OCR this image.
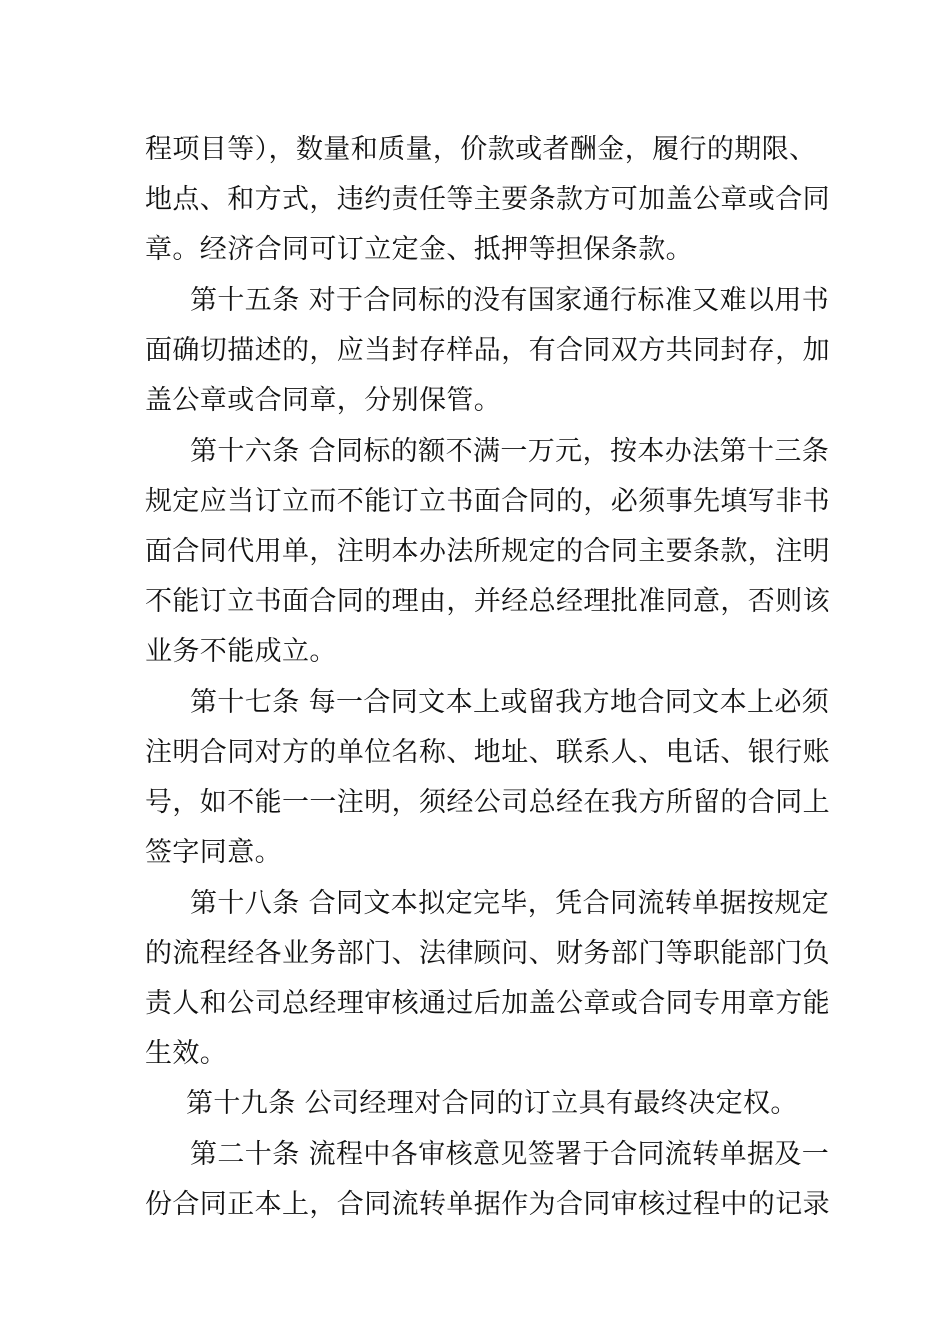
程项目等），数量和质量，价款或者酬金，履行的期限、
地点、和方式，违约责任等主要条款方可加盖公章或合同
章。经济合同可订立定金、抵押等担保条款。
第十五条 对于合同标的没有国家通行标准又难以用书
面确切描述的，应当封存样品，有合同双方共同封存，加
盖公章或合同章，分别保管。
第十六条 合同标的额不满一万元，按本办法第十三条
规定应当订立而不能订立书面合同的，必须事先填写非书
面合同代用单，注明本办法所规定的合同主要条款，注明
不能订立书面合同的理由，并经总经理批准同意，否则该
业务不能成立。
第十七条 每一合同文本上或留我方地合同文本上必须
注明合同对方的单位名称、地址、联系人、电话、银行账
号，如不能一一注明，须经公司总经在我方所留的合同上
签字同意。
第十八条 合同文本拟定完毕，凭合同流转单据按规定
的流程经各业务部门、法律顾问、财务部门等职能部门负
责人和公司总经理审核通过后加盖公章或合同专用章方能
生效。
第十九条 公司经理对合同的订立具有最终决定权。
第二十条 流程中各审核意见签署于合同流转单据及一
份合同正本上，合同流转单据作为合同审核过程中的记录
